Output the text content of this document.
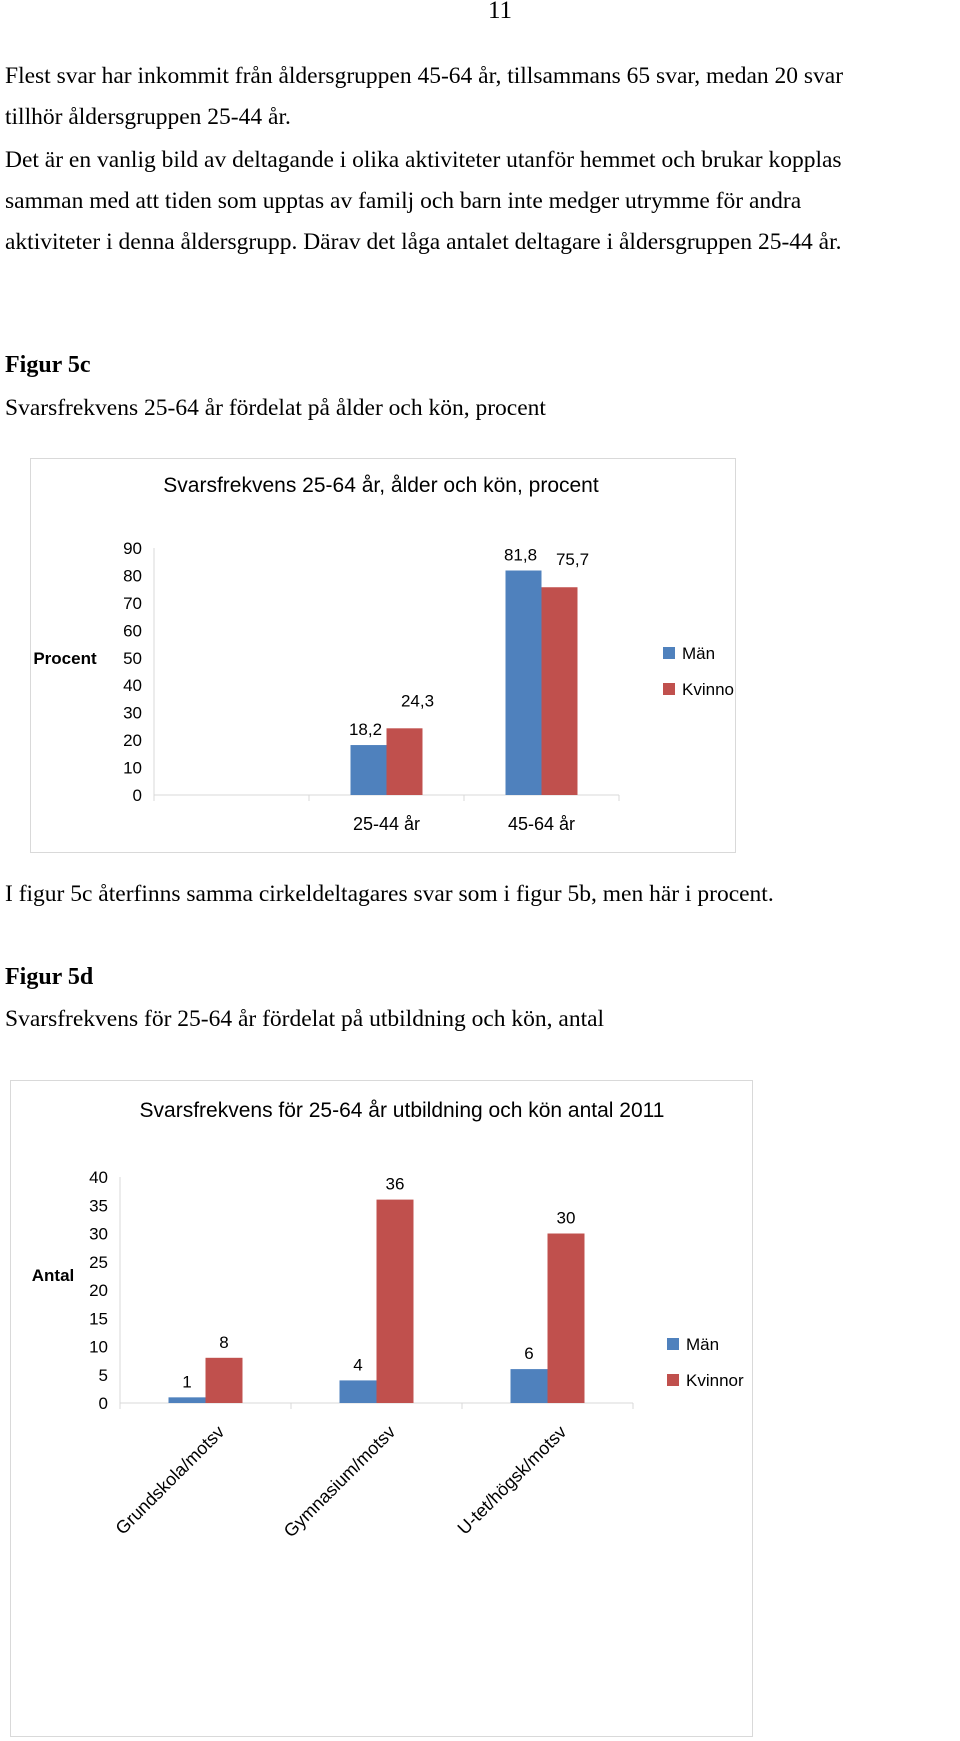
11

Flest svar har inkommit från åldersgruppen 45-64 år, tillsammans 65 svar, medan 20 svar

tillhör åldersgruppen 25-44 år.

Det är en vanlig bild av deltagande i olika aktiviteter utanför hemmet och brukar kopplas

samman med att tiden som upptas av familj och barn inte medger utrymme för andra

aktiviteter i denna åldersgrupp. Därav det låga antalet deltagare i åldersgruppen 25-44 år.

Figur 5c
Svarsfrekvens 25-64 år fördelat på ålder och kön, procent
Svarsfrekvens 25-64 år, ålder och kön, procent
Procent
0
10
20
30
40
50
60
70
80
90
25-44 år
18,2
24,3
45-64 år
81,8 75,7
Män
Kvinnor
I figur 5c återfinns samma cirkeldeltagares svar som i figur 5b, men här i procent.
Figur 5d
Svarsfrekvens för 25-64 år fördelat på utbildning och kön, antal
Svarsfrekvens för 25-64 år utbildning och kön antal 2011
Antal
0
5
10
15
20
25
30
35
40
Grundskola/motsv
1
8
Gymnasium/motsv
4
36
U-tet/högsk/motsv
6
30
Män
Kvinnor
